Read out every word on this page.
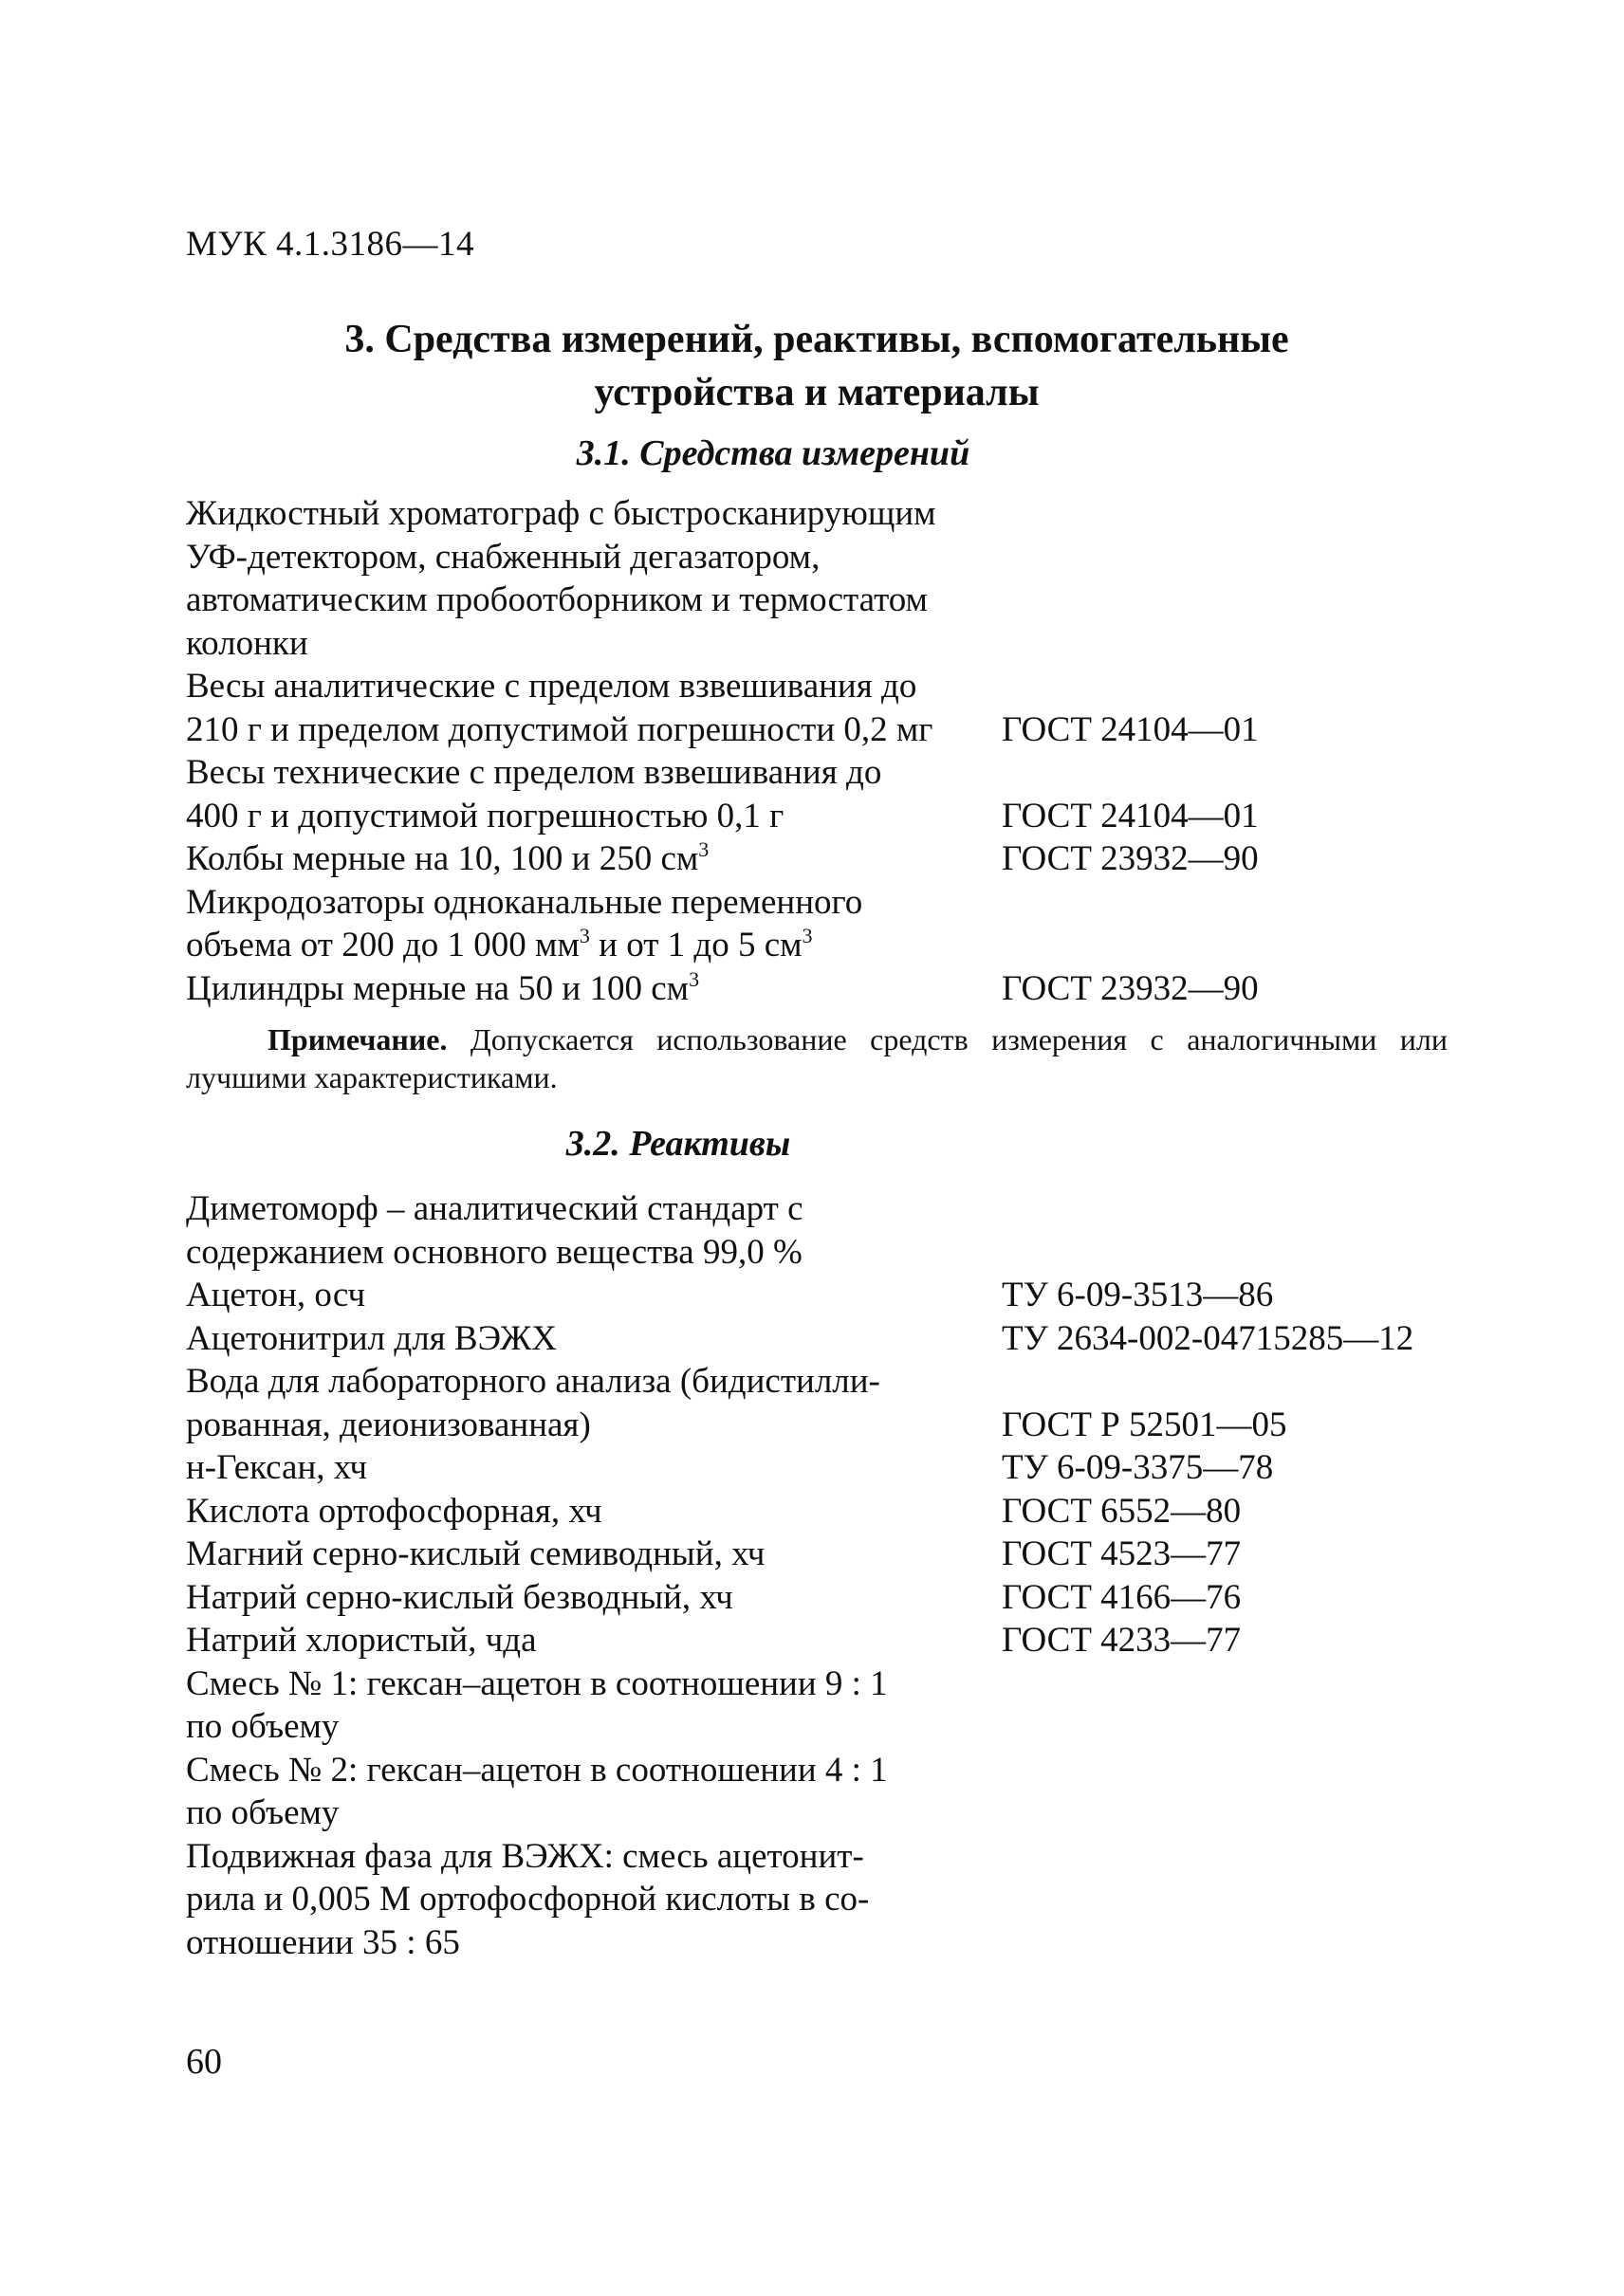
МУК 4.1.3186—14
3. Средства измерений, реактивы, вспомогательные
устройства и материалы
3.1. Средства измерений
Жидкостный хроматограф с быстросканирующим
УФ-детектором, снабженный дегазатором,
автоматическим пробоотборником и термостатом
колонки
Весы аналитические с пределом взвешивания до
210 г и пределом допустимой погрешности 0,2 мг	ГОСТ 24104—01
Весы технические с пределом взвешивания до
400 г и допустимой погрешностью 0,1 г	ГОСТ 24104—01
Колбы мерные на 10, 100 и 250 $см^3$	ГОСТ 23932—90
Микродозаторы одноканальные переменного
объема от 200 до 1 000 $мм^3$ и от 1 до 5 $см^3$
Цилиндры мерные на 50 и 100 $см^3$	ГОСТ 23932—90
Примечание. Допускается использование средств измерения с аналогичными или лучшими характеристиками.
3.2. Реактивы
Диметоморф – аналитический стандарт с
содержанием основного вещества 99,0 %
Ацетон, осч	ТУ 6-09-3513—86
Ацетонитрил для ВЭЖХ	ТУ 2634-002-04715285—12
Вода для лабораторного анализа (бидистилли-
рованная, деионизованная)	ГОСТ Р 52501—05
н-Гексан, хч	ТУ 6-09-3375—78
Кислота ортофосфорная, хч	ГОСТ 6552—80
Магний серно-кислый семиводный, хч	ГОСТ 4523—77
Натрий серно-кислый безводный, хч	ГОСТ 4166—76
Натрий хлористый, чда	ГОСТ 4233—77
Смесь № 1: гексан–ацетон в соотношении 9 : 1
по объему
Смесь № 2: гексан–ацетон в соотношении 4 : 1
по объему
Подвижная фаза для ВЭЖХ: смесь ацетонит-
рила и 0,005 М ортофосфорной кислоты в со-
отношении 35 : 65
60
